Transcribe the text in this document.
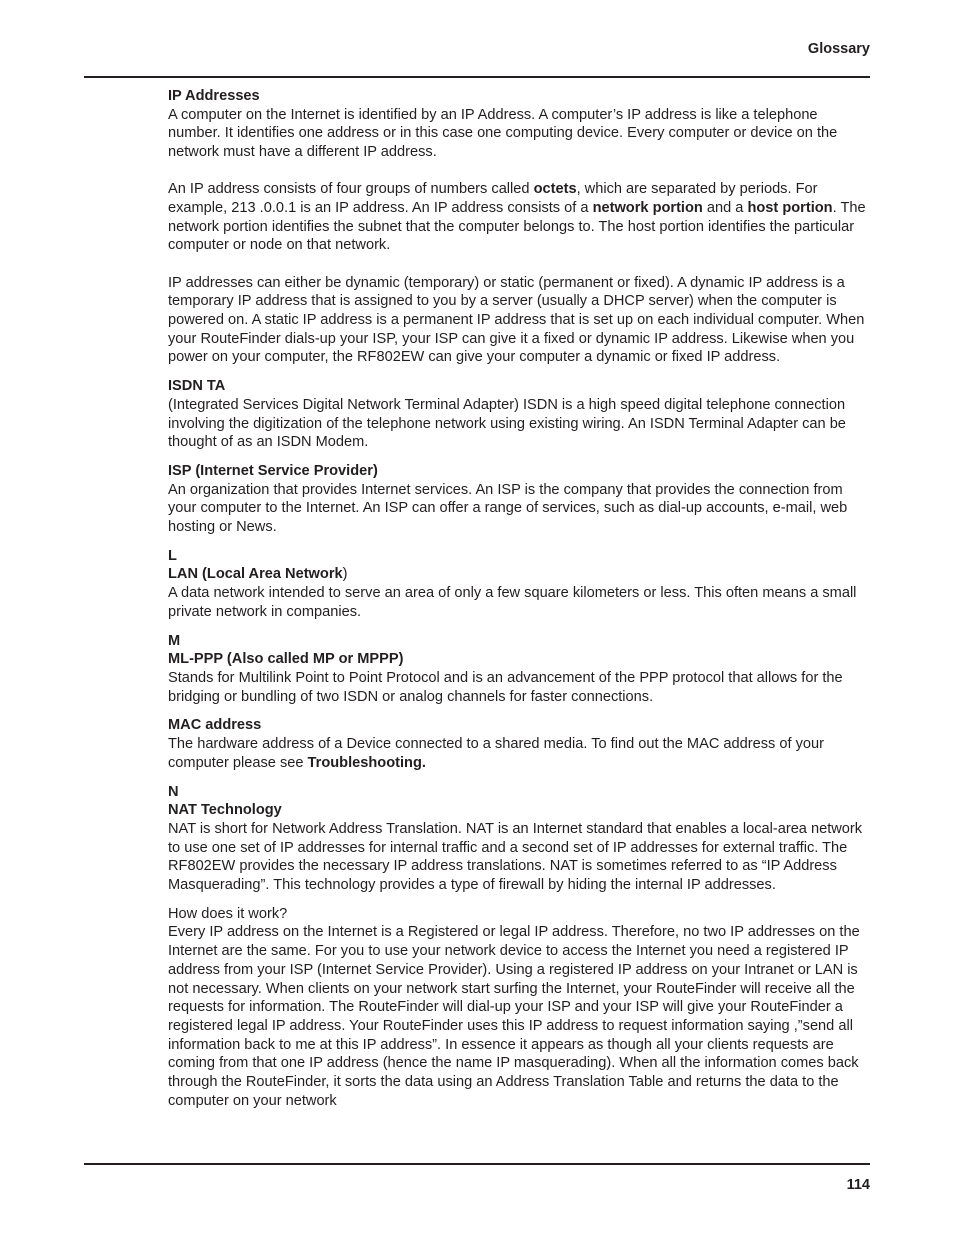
Glossary

IP Addresses

A computer on the Internet is identified by an IP Address. A computer’s IP address is like a telephone number. It identifies one address or in this case one computing device. Every computer or device on the network must have a different IP address.

An IP address consists of four groups of numbers called octets, which are separated by periods. For example, 213 .0.0.1 is an IP address. An IP address consists of a network portion and a host portion. The network portion identifies the subnet that the computer belongs to. The host portion identifies the particular computer or node on that network.

IP addresses can either be dynamic (temporary) or static (permanent or fixed). A dynamic IP address is a temporary IP address that is assigned to you by a server (usually a DHCP server) when the computer is powered on. A static IP address is a permanent IP address that is set up on each individual computer. When your RouteFinder dials-up your ISP, your ISP can give it a fixed or dynamic IP address. Likewise when you power on your computer, the RF802EW can give your computer a dynamic or fixed IP address.

ISDN TA

(Integrated Services Digital Network Terminal Adapter) ISDN is a high speed digital telephone connection involving the digitization of the telephone network using existing wiring. An ISDN Terminal Adapter can be thought of as an ISDN Modem.

ISP (Internet Service Provider)

An organization that provides Internet services. An ISP is the company that provides the connection from your computer to the Internet. An ISP can offer a range of services, such as dial-up accounts, e-mail, web hosting or News.

L

LAN (Local Area Network)

A data network intended to serve an area of only a few square kilometers or less. This often means a small private network in companies.

M

ML-PPP (Also called MP or MPPP)

Stands for Multilink Point to Point Protocol and is an advancement of the PPP protocol that allows for the bridging or bundling of two ISDN or analog channels for faster connections.

MAC address

The hardware address of a Device connected to a shared media. To find out the MAC address of your computer please see Troubleshooting.

N

NAT Technology

NAT is short for Network Address Translation. NAT is an Internet standard that enables a local-area network to use one set of IP addresses for internal traffic and a second set of IP addresses for external traffic. The RF802EW provides the necessary IP address translations. NAT is sometimes referred to as “IP Address Masquerading”. This technology provides a type of firewall by hiding the internal IP addresses.

How does it work?

Every IP address on the Internet is a Registered or legal IP address. Therefore, no two IP addresses on the Internet are the same. For you to use your network device to access the Internet you need a registered IP address from your ISP (Internet Service Provider). Using a registered IP address on your Intranet or LAN is not necessary. When clients on your network start surfing the Internet, your RouteFinder will receive all the requests for information. The RouteFinder will dial-up your ISP and your ISP will give your RouteFinder a registered legal IP address. Your RouteFinder uses this IP address to request information saying ,”send all information back to me at this IP address”. In essence it appears as though all your clients requests are coming from that one IP address (hence the name IP masquerading). When all the information comes back through the RouteFinder, it sorts the data using an Address Translation Table and returns the data to the computer on your network

114
